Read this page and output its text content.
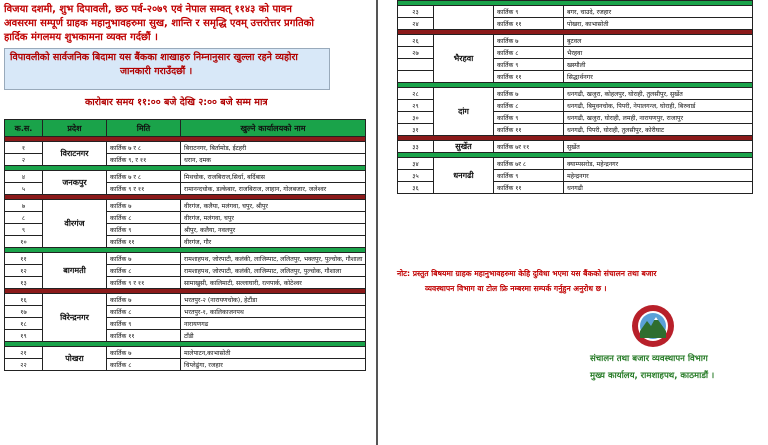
विजया दशमी, शुभ दिपावली, छठ पर्व-२०७९ एवं नेपाल सम्वत् ११४३ को पावन
अवसरमा सम्पूर्ण ग्राहक महानुभावहरुमा सुख, शान्ति र समृद्धि एवम् उत्तरोत्तर प्रगतिको
हार्दिक मंगलमय शुभकामना व्यक्त गर्दछौं ।
विपावलीको सार्वजनिक बिदामा यस बैंकका शाखाहरु निम्नानुसार खुल्ला रहने व्यहोरा
जानकारी गराउँदछौं ।
कारोबार समय ११:०० बजे देखि २:०० बजे सम्म मात्र
क.स.	प्रदेश	मिति	खुल्ने कार्यालयको नाम

१	विराटनगर	कार्तिक ७ र ८	बिराटनगर, बिर्तामोड, ईटहरी
२		कार्तिक ९, र ११	धरान, दमक

४	जनकपुर	कार्तिक ७ र ८	मिथचोक, राजबिराज,सिर्धा, बर्दिबास
५		कार्तिक ९ र ११	रामानन्दचोक, डल्केबार, राजबिराज, लाहान, गोलबजार, जलेश्वर

७	वीरगंज	कार्तिक ७	वीरगंज, कलैया, मलंगवा, चपुर, श्रीपुर
८		कार्तिक ८	वीरगंज, मलंगवा, चपुर
९		कार्तिक ९	श्रीपुर, कलैया, नवलपुर
१०		कार्तिक ११	वीरगंज, गौर

११	बागमती	कार्तिक ७	रामशाहपथ, जोरपाटी, कलंकी, लाजिम्पाट, ललितपुर, भक्तपुर, पुल्चोक, गौशाला
१२		कार्तिक ८	रामशाहपथ, जोरपाटी, कलंकी, लाजिम्पाट, ललितपुर, पुल्चोक, गौशाला
१३		कार्तिक ९ र ११	सामाखुसी, कालिमाटी, सल्लाघारी, रत्नपार्क, कोटेश्वर

१६	विरेन्द्रनगर	कार्तिक ७	भरतपुर-२ (नारायणचोक), हेटौंडा
१७		कार्तिक ८	भरतपुर-१, कालिकाजनपथ
१८		कार्तिक ९	नारायणगढ
१९		कार्तिक ११	टाँडी

२१	पोखरा	कार्तिक ७	मालेपाटन,काभासोती
२२		कार्तिक ८	चिप्लेढुंगा, रजहार

२३		कार्तिक ९	बगर, चाउदे, रजहार
२४		कार्तिक ११	पोखरा, काभासोती

२६	भैरहवा	कार्तिक ७	बुटवल
२७		कार्तिक ८	भैरहवा
		कार्तिक ९	खस्यौली
		कार्तिक ११	सिद्धार्थनगर

२८	दांग	कार्तिक ७	धनगढी, खजुरा, कोहलपुर, घोराही, तुलसीपुर, सुर्खेत
२९		कार्तिक ८	धनगढी, बिमुवनचोक, पिपरी, नेपालगन्ज, घोराही, बिरुवार्ड
३०		कार्तिक ९	धनगढी, खजुरा, घोराही, लमही, नारायणपुर, राजापुर
३१		कार्तिक ११	धनगढी, पिपरी, घोराही, तुलसीपुर, कोरीघाट

३३	सुर्खेत	कार्तिक ७र ११	सुर्खेत

३४	धनगढी	कार्तिक ७र ८	क्याम्पसरोड, महेन्द्रनगर
३५		कार्तिक ९	महेन्द्रनगर
३६		कार्तिक ११	धनगढी
नोट: प्रस्तुत बिषयमा ग्राहक महानुभावहरुमा केहि दुविधा भएमा यस बैंकको संचालन तथा बजार
व्यवस्थापन विभाग वा टोल फ्रि नम्बरमा सम्पर्क गर्नुहुन अनुरोध छ ।
संचालन तथा बजार व्यवस्थापन विभाग
मुख्य कार्यालय, रामशाहपथ, काठमाडौं ।
